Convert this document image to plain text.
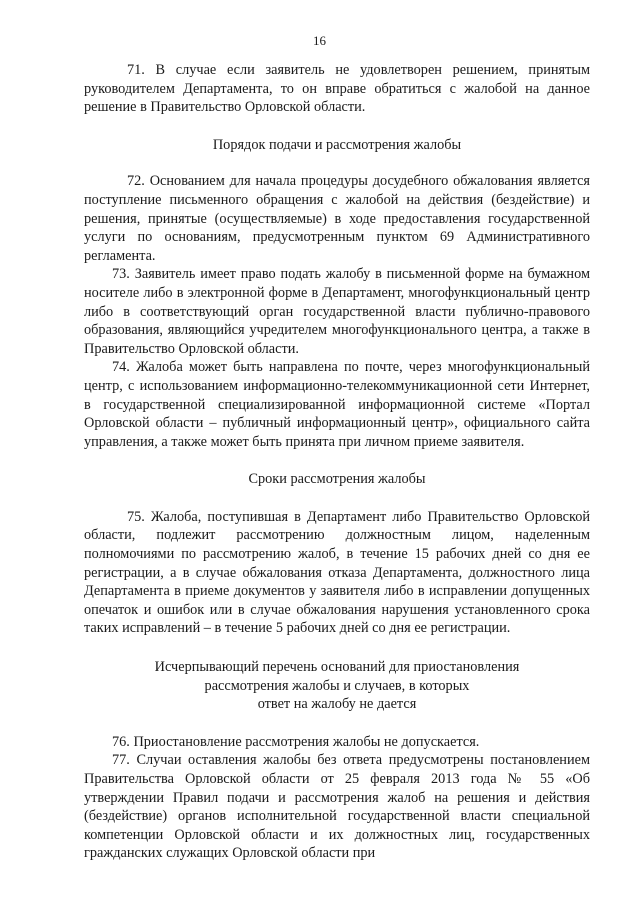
16

71. В случае если заявитель не удовлетворен решением, принятым руководителем Департамента, то он вправе обратиться с жалобой на данное решение в Правительство Орловской области.

Порядок подачи и рассмотрения жалобы

72. Основанием для начала процедуры досудебного обжалования является поступление письменного обращения с жалобой на действия (бездействие) и решения, принятые (осуществляемые) в ходе предоставления государственной услуги по основаниям, предусмотренным пунктом 69 Административного регламента.

73. Заявитель имеет право подать жалобу в письменной форме на бумажном носителе либо в электронной форме в Департамент, многофункциональный центр либо в соответствующий орган государственной власти публично-правового образования, являющийся учредителем многофункционального центра, а также в Правительство Орловской области.

74. Жалоба может быть направлена по почте, через многофункциональный центр, с использованием информационно-телекоммуникационной сети Интернет, в государственной специализированной информационной системе «Портал Орловской области – публичный информационный центр», официального сайта управления, а также может быть принята при личном приеме заявителя.

Сроки рассмотрения жалобы

75. Жалоба, поступившая в Департамент либо Правительство Орловской области, подлежит рассмотрению должностным лицом, наделенным полномочиями по рассмотрению жалоб, в течение 15 рабочих дней со дня ее регистрации, а в случае обжалования отказа Департамента, должностного лица Департамента в приеме документов у заявителя либо в исправлении допущенных опечаток и ошибок или в случае обжалования нарушения установленного срока таких исправлений – в течение 5 рабочих дней со дня ее регистрации.

Исчерпывающий перечень оснований для приостановления

рассмотрения жалобы и случаев, в которых

ответ на жалобу не дается

76. Приостановление рассмотрения жалобы не допускается.

77. Случаи оставления жалобы без ответа предусмотрены постановлением Правительства Орловской области от 25 февраля 2013 года № 55 «Об утверждении Правил подачи и рассмотрения жалоб на решения и действия (бездействие) органов исполнительной государственной власти специальной компетенции Орловской области и их должностных лиц, государственных гражданских служащих Орловской области при
